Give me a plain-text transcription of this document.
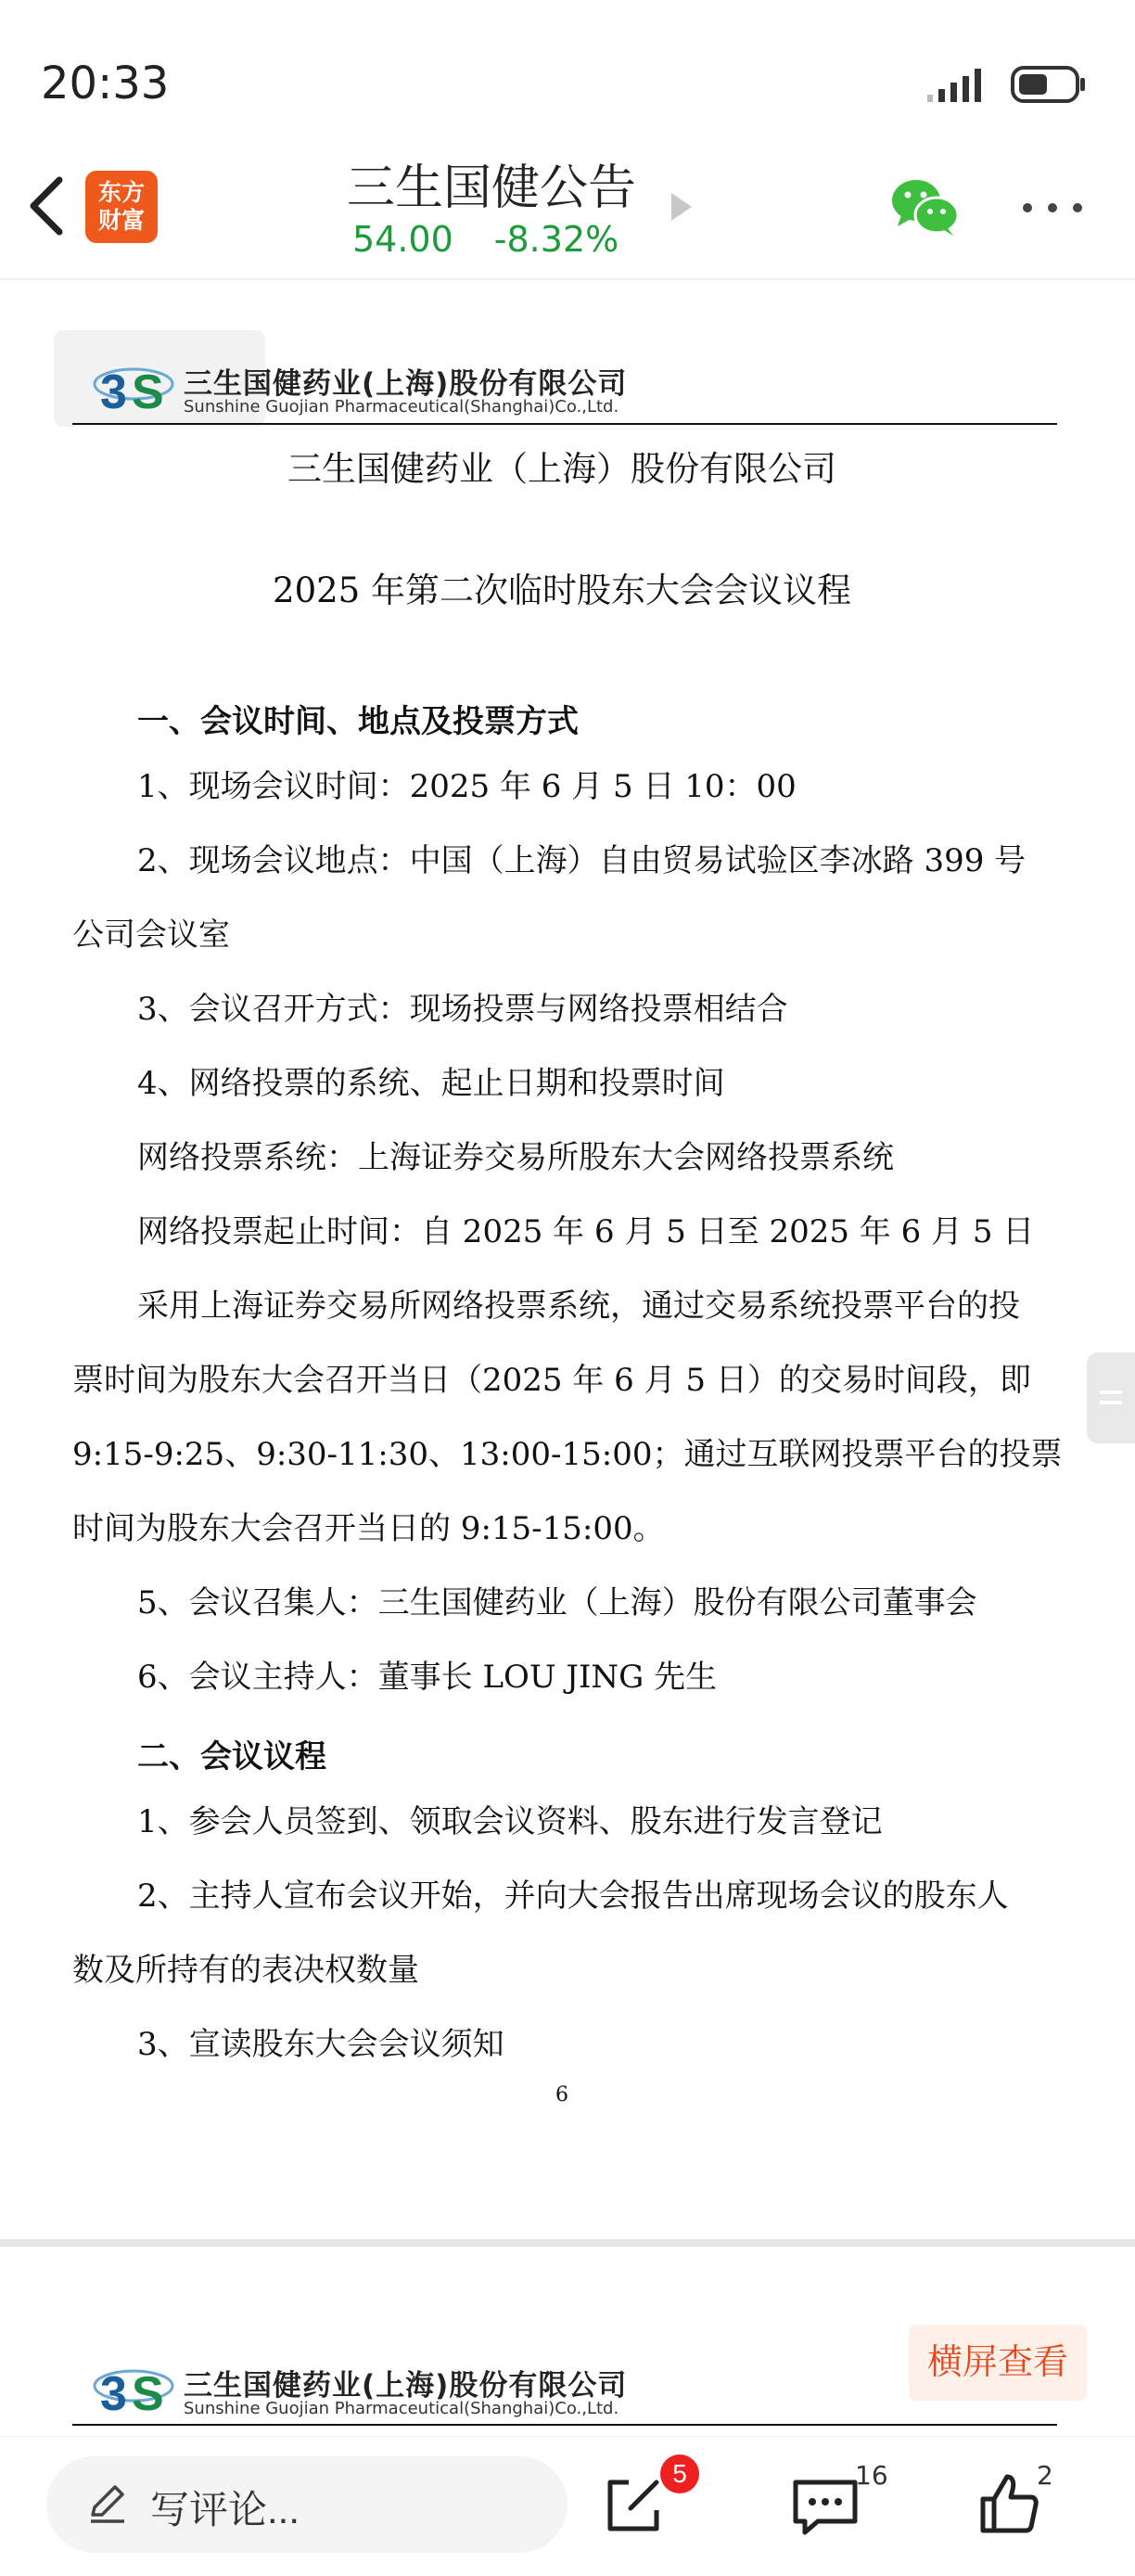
20:33
东方
财富
三生国健公告
54.00 -8.32%
3 S 三生国健药业(上海)股份有限公司
Sunshine Guojian Pharmaceutical(Shanghai)Co.,Ltd.
三生国健药业（上海）股份有限公司
2025 年第二次临时股东大会会议议程
一、会议时间、地点及投票方式
1、现场会议时间：2025 年 6 月 5 日 10：00
2、现场会议地点：中国（上海）自由贸易试验区李冰路 399 号
公司会议室
3、会议召开方式：现场投票与网络投票相结合
4、网络投票的系统、起止日期和投票时间
网络投票系统：上海证券交易所股东大会网络投票系统
网络投票起止时间：自 2025 年 6 月 5 日至 2025 年 6 月 5 日
采用上海证券交易所网络投票系统，通过交易系统投票平台的投
票时间为股东大会召开当日（2025 年 6 月 5 日）的交易时间段，即
9:15-9:25、9:30-11:30、13:00-15:00；通过互联网投票平台的投票
时间为股东大会召开当日的 9:15-15:00。
5、会议召集人：三生国健药业（上海）股份有限公司董事会
6、会议主持人：董事长 LOU JING 先生
二、会议议程
1、参会人员签到、领取会议资料、股东进行发言登记
2、主持人宣布会议开始，并向大会报告出席现场会议的股东人
数及所持有的表决权数量
3、宣读股东大会会议须知
6
3 S 三生国健药业(上海)股份有限公司
Sunshine Guojian Pharmaceutical(Shanghai)Co.,Ltd.
横屏查看
写评论...
5	16	2
